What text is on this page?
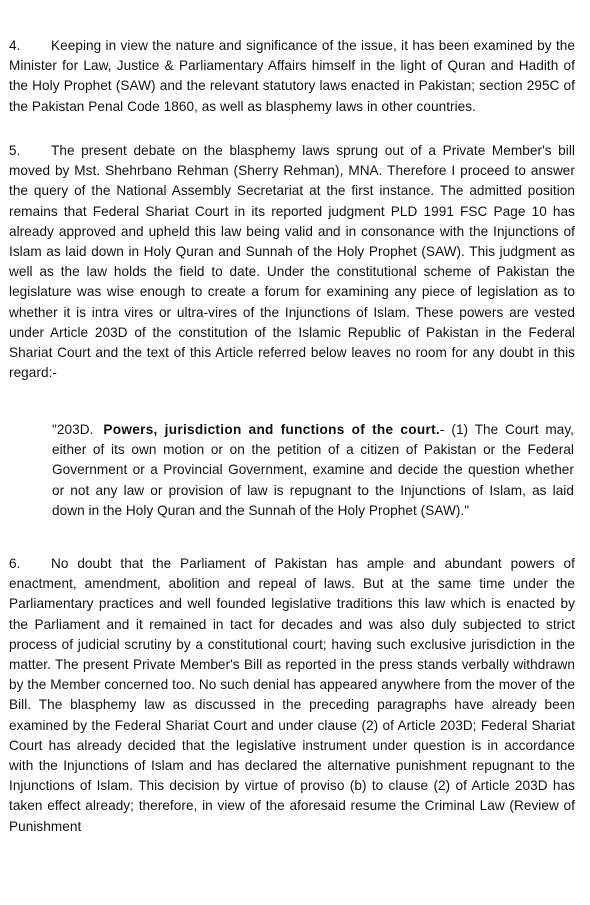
4. Keeping in view the nature and significance of the issue, it has been examined by the Minister for Law, Justice & Parliamentary Affairs himself in the light of Quran and Hadith of the Holy Prophet (SAW) and the relevant statutory laws enacted in Pakistan; section 295C of the Pakistan Penal Code 1860, as well as blasphemy laws in other countries.
5. The present debate on the blasphemy laws sprung out of a Private Member's bill moved by Mst. Shehrbano Rehman (Sherry Rehman), MNA. Therefore I proceed to answer the query of the National Assembly Secretariat at the first instance. The admitted position remains that Federal Shariat Court in its reported judgment PLD 1991 FSC Page 10 has already approved and upheld this law being valid and in consonance with the Injunctions of Islam as laid down in Holy Quran and Sunnah of the Holy Prophet (SAW). This judgment as well as the law holds the field to date. Under the constitutional scheme of Pakistan the legislature was wise enough to create a forum for examining any piece of legislation as to whether it is intra vires or ultra-vires of the Injunctions of Islam. These powers are vested under Article 203D of the constitution of the Islamic Republic of Pakistan in the Federal Shariat Court and the text of this Article referred below leaves no room for any doubt in this regard:-
"203D. Powers, jurisdiction and functions of the court.- (1) The Court may, either of its own motion or on the petition of a citizen of Pakistan or the Federal Government or a Provincial Government, examine and decide the question whether or not any law or provision of law is repugnant to the Injunctions of Islam, as laid down in the Holy Quran and the Sunnah of the Holy Prophet (SAW)."
6. No doubt that the Parliament of Pakistan has ample and abundant powers of enactment, amendment, abolition and repeal of laws. But at the same time under the Parliamentary practices and well founded legislative traditions this law which is enacted by the Parliament and it remained in tact for decades and was also duly subjected to strict process of judicial scrutiny by a constitutional court; having such exclusive jurisdiction in the matter. The present Private Member's Bill as reported in the press stands verbally withdrawn by the Member concerned too. No such denial has appeared anywhere from the mover of the Bill. The blasphemy law as discussed in the preceding paragraphs have already been examined by the Federal Shariat Court and under clause (2) of Article 203D; Federal Shariat Court has already decided that the legislative instrument under question is in accordance with the Injunctions of Islam and has declared the alternative punishment repugnant to the Injunctions of Islam. This decision by virtue of proviso (b) to clause (2) of Article 203D has taken effect already; therefore, in view of the aforesaid resume the Criminal Law (Review of Punishment
